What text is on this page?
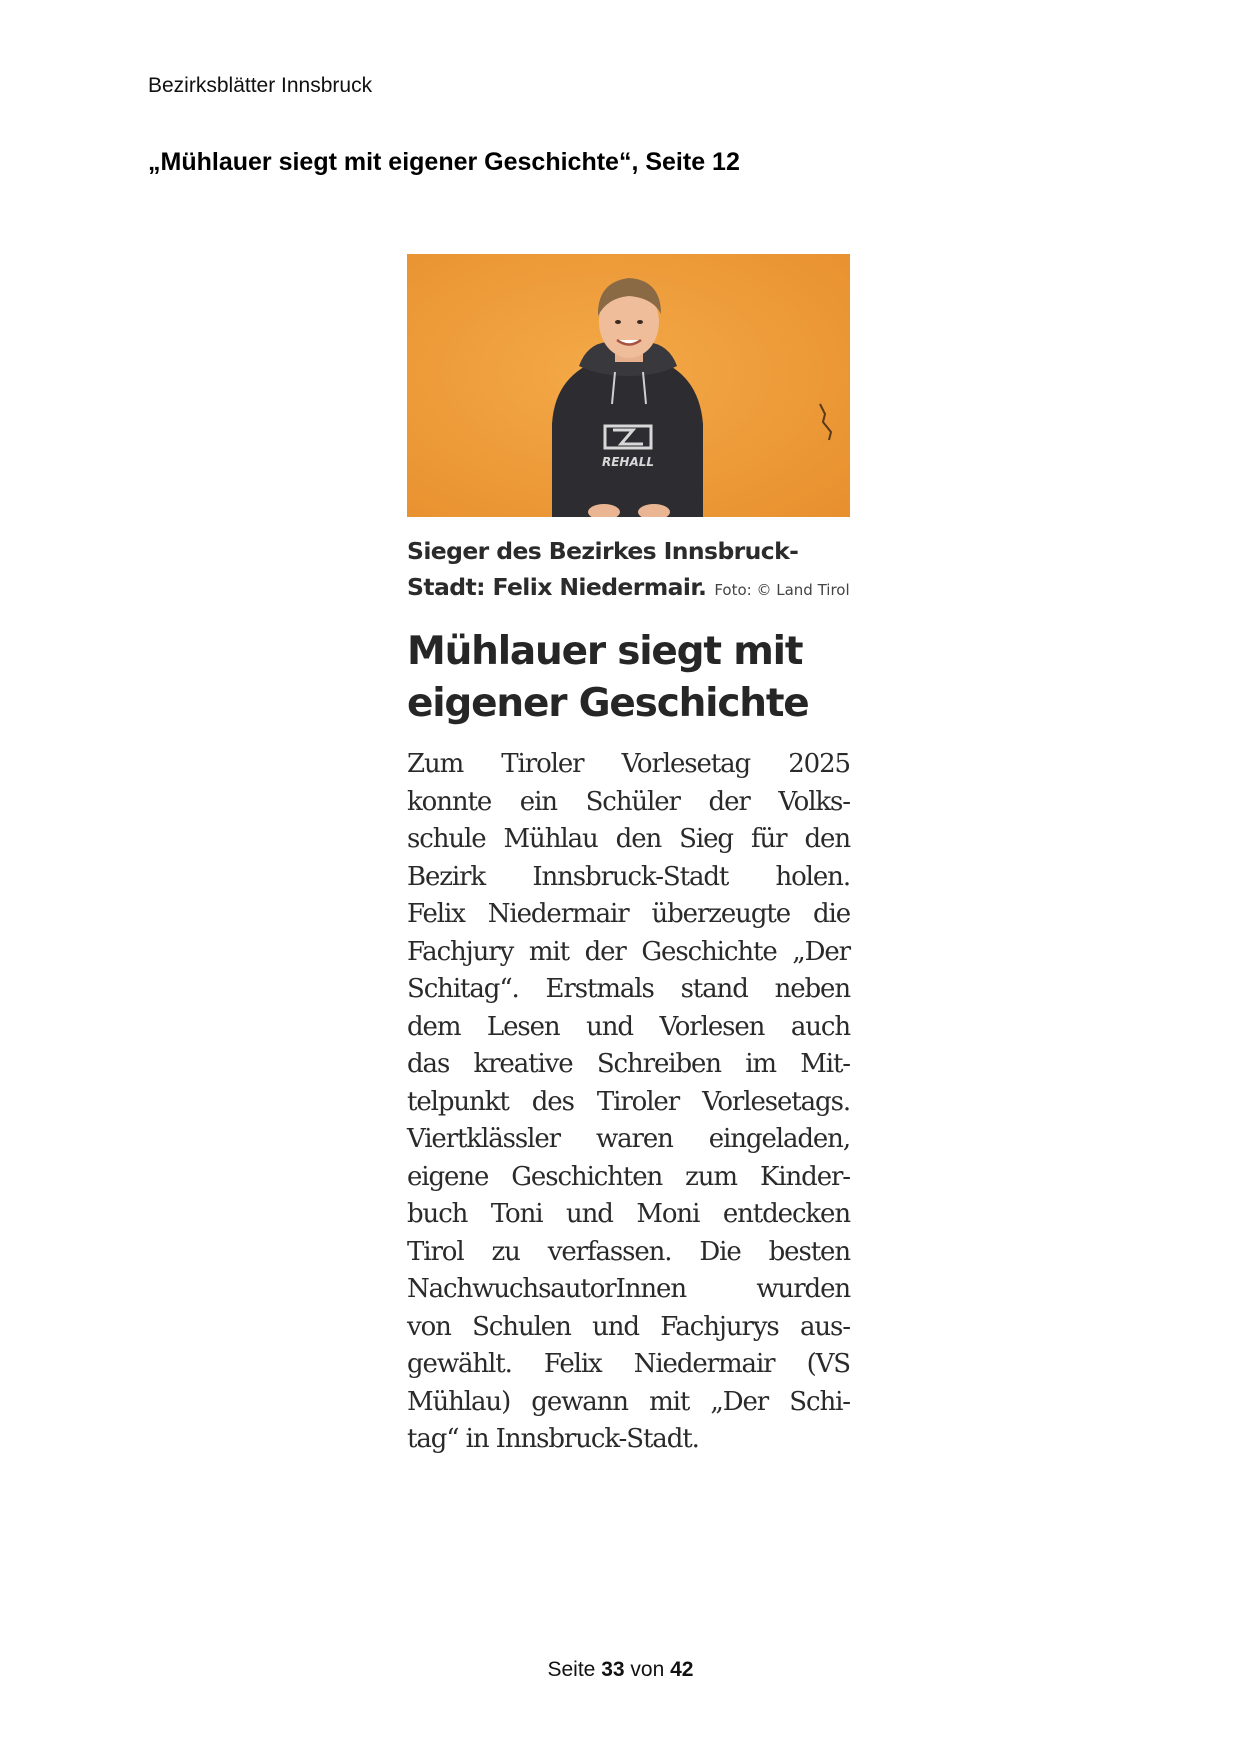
Bezirksblätter Innsbruck
„Mühlauer siegt mit eigener Geschichte“, Seite 12
REHALL
Sieger des Bezirkes Innsbruck-
Stadt: Felix Niedermair. Foto: © Land Tirol
Mühlauer siegt mit
eigener Geschichte
Zum Tiroler Vorlesetag 2025
konnte ein Schüler der Volks-
schule Mühlau den Sieg für den
Bezirk Innsbruck-Stadt holen.
Felix Niedermair überzeugte die
Fachjury mit der Geschichte „Der
Schitag“. Erstmals stand neben
dem Lesen und Vorlesen auch
das kreative Schreiben im Mit-
telpunkt des Tiroler Vorlesetags.
Viertklässler waren eingeladen,
eigene Geschichten zum Kinder-
buch Toni und Moni entdecken
Tirol zu verfassen. Die besten
NachwuchsautorInnen wurden
von Schulen und Fachjurys aus-
gewählt. Felix Niedermair (VS
Mühlau) gewann mit „Der Schi-
tag“ in Innsbruck-Stadt.
Seite 33 von 42
